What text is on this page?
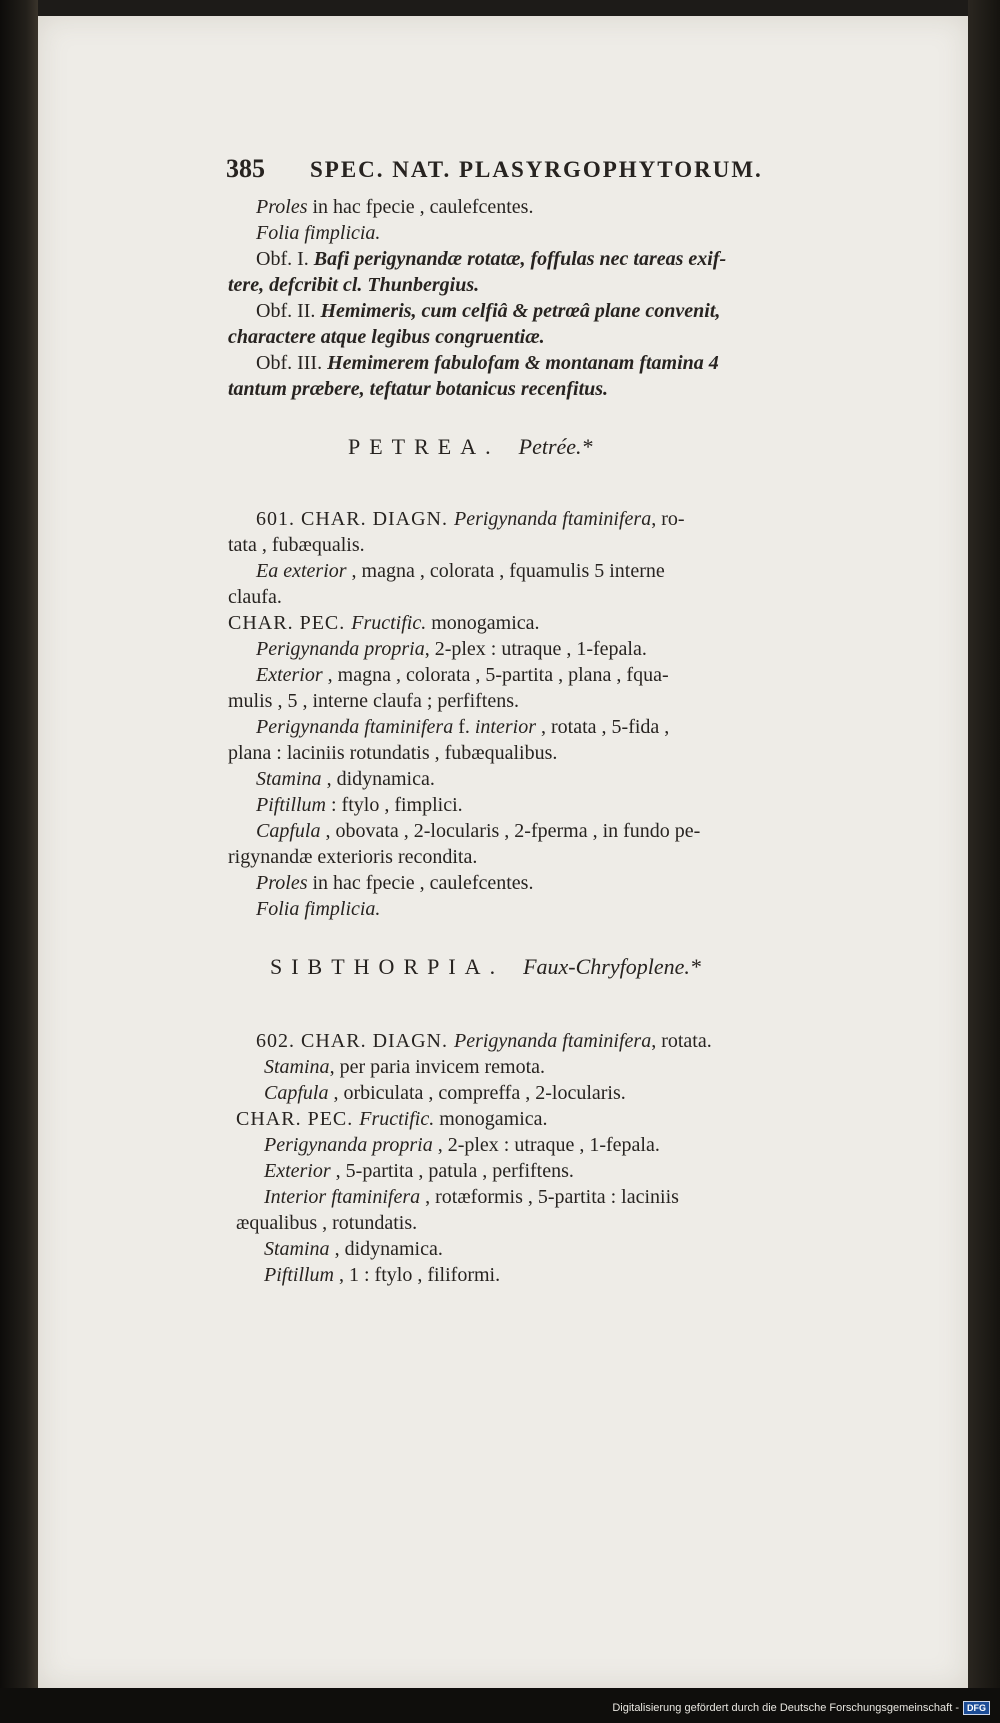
385 SPEC. NAT. PLASYRGOPHYTORUM.
Proles in hac fpecie , caulefcentes.
Folia fimplicia.
Obf. I. Bafi perigynandæ rotatæ, foffulas nec tareas exif-
tere, defcribit cl. Thunbergius.
Obf. II. Hemimeris, cum celfiâ & petrœâ plane convenit,
charactere atque legibus congruentiæ.
Obf. III. Hemimerem fabulofam & montanam ftamina 4
tantum præbere, teftatur botanicus recenfitus.
PETREA. Petrée.*
601. CHAR. DIAGN. Perigynanda ftaminifera, ro-
tata , fubæqualis.
Ea exterior , magna , colorata , fquamulis 5 interne
claufa.
CHAR. PEC. Fructific. monogamica.
Perigynanda propria, 2-plex : utraque , 1-fepala.
Exterior , magna , colorata , 5-partita , plana , fqua-
mulis , 5 , interne claufa ; perfiftens.
Perigynanda ftaminifera f. interior , rotata , 5-fida ,
plana : laciniis rotundatis , fubæqualibus.
Stamina , didynamica.
Piftillum : ftylo , fimplici.
Capfula , obovata , 2-locularis , 2-fperma , in fundo pe-
rigynandæ exterioris recondita.
Proles in hac fpecie , caulefcentes.
Folia fimplicia.
SIBTHORPIA. Faux-Chryfoplene.*
602. CHAR. DIAGN. Perigynanda ftaminifera, rotata.
Stamina, per paria invicem remota.
Capfula , orbiculata , compreffa , 2-locularis.
CHAR. PEC. Fructific. monogamica.
Perigynanda propria , 2-plex : utraque , 1-fepala.
Exterior , 5-partita , patula , perfiftens.
Interior ftaminifera , rotæformis , 5-partita : laciniis
æqualibus , rotundatis.
Stamina , didynamica.
Piftillum , 1 : ftylo , filiformi.
Digitalisierung gefördert durch die Deutsche Forschungsgemeinschaft - DFG
